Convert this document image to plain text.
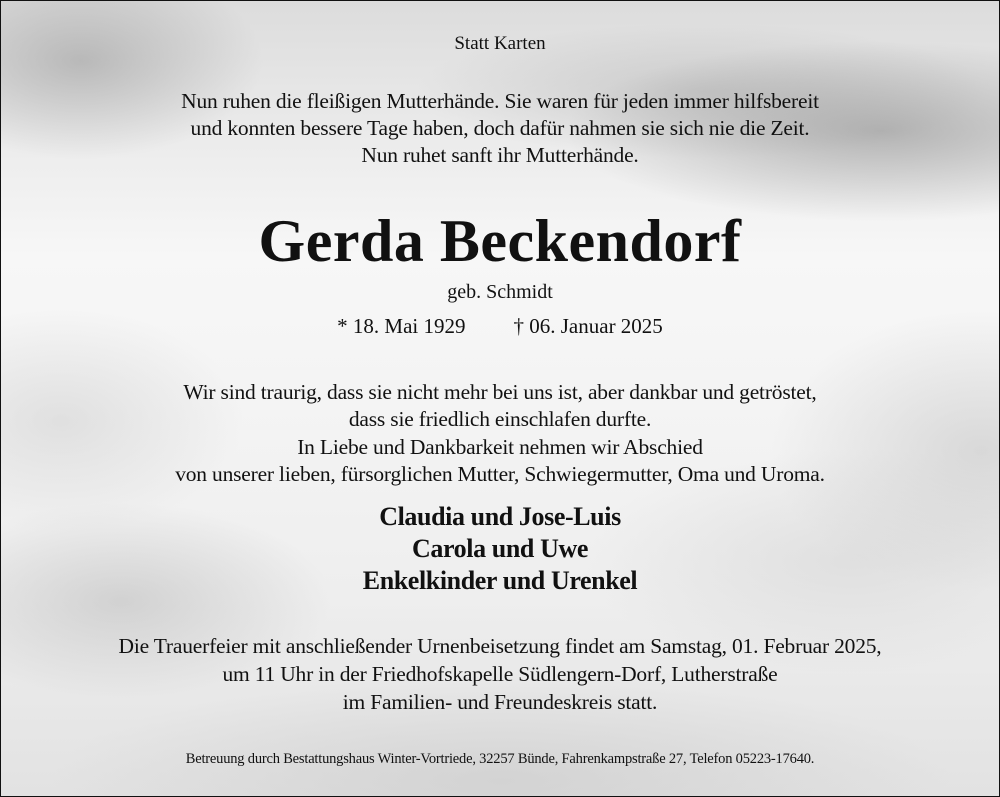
Statt Karten
Nun ruhen die fleißigen Mutterhände. Sie waren für jeden immer hilfsbereit
und konnten bessere Tage haben, doch dafür nahmen sie sich nie die Zeit.
Nun ruhet sanft ihr Mutterhände.
Gerda Beckendorf
geb. Schmidt
* 18. Mai 1929 † 06. Januar 2025
Wir sind traurig, dass sie nicht mehr bei uns ist, aber dankbar und getröstet,
dass sie friedlich einschlafen durfte.
In Liebe und Dankbarkeit nehmen wir Abschied
von unserer lieben, fürsorglichen Mutter, Schwiegermutter, Oma und Uroma.
Claudia und Jose-Luis
Carola und Uwe
Enkelkinder und Urenkel
Die Trauerfeier mit anschließender Urnenbeisetzung findet am Samstag, 01. Februar 2025,
um 11 Uhr in der Friedhofskapelle Südlengern-Dorf, Lutherstraße
im Familien- und Freundeskreis statt.
Betreuung durch Bestattungshaus Winter-Vortriede, 32257 Bünde, Fahrenkampstraße 27, Telefon 05223-17640.
